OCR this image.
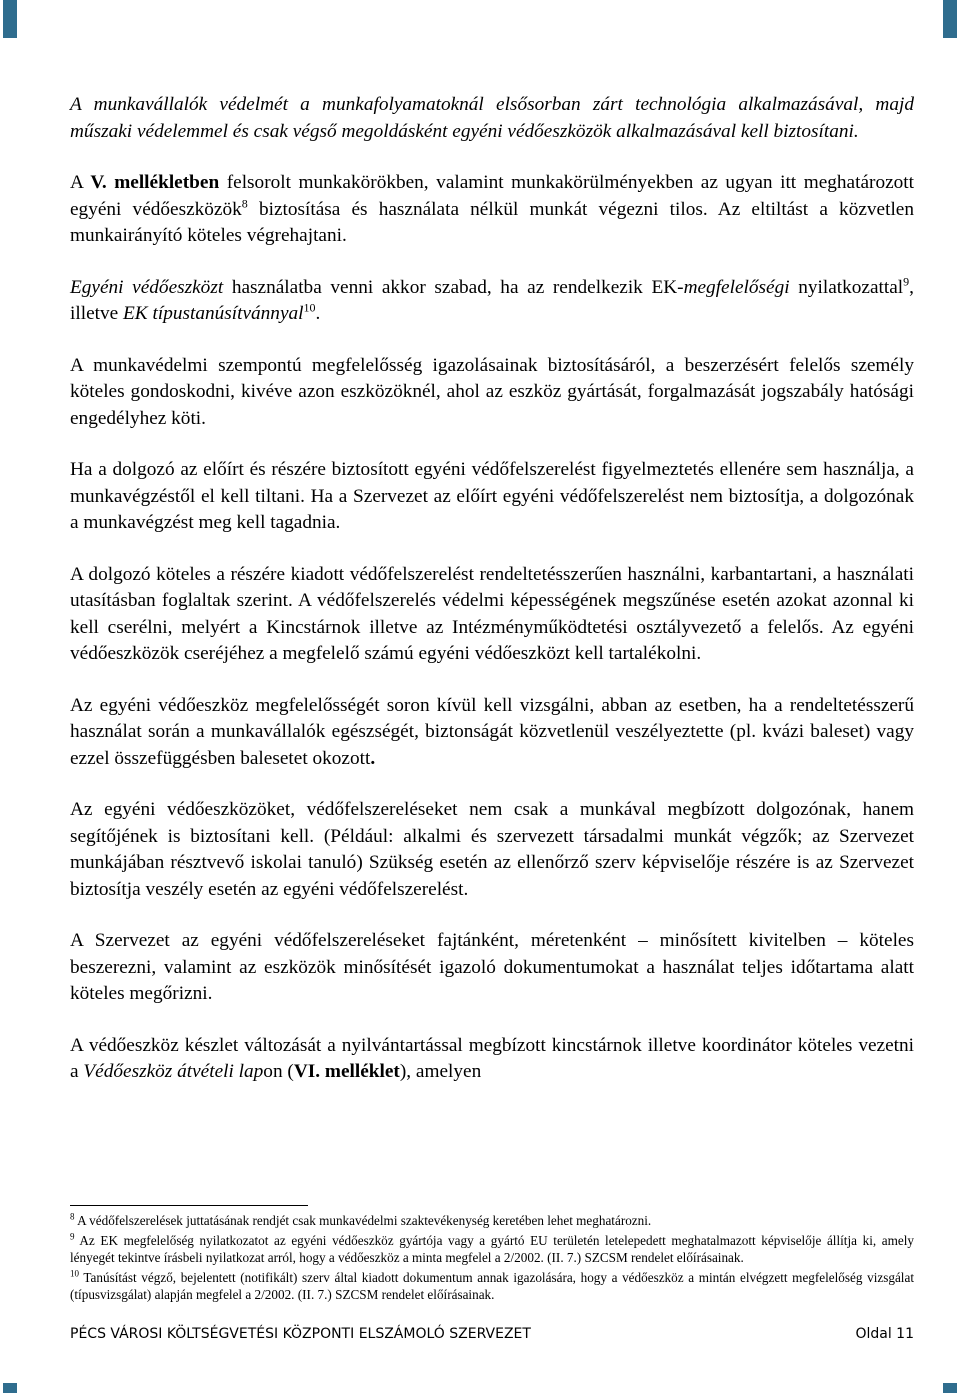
A munkavállalók védelmét a munkafolyamatoknál elsősorban zárt technológia alkalmazásával, majd műszaki védelemmel és csak végső megoldásként egyéni védőeszközök alkalmazásával kell biztosítani.

A V. mellékletben felsorolt munkakörökben, valamint munkakörülményekben az ugyan itt meghatározott egyéni védőeszközök$^8$ biztosítása és használata nélkül munkát végezni tilos. Az eltiltást a közvetlen munkairányító köteles végrehajtani.

Egyéni védőeszközt használatba venni akkor szabad, ha az rendelkezik EK-megfelelőségi nyilatkozattal$^9$, illetve EK típustanúsítvánnyal$^{10}$.

A munkavédelmi szempontú megfelelősség igazolásainak biztosításáról, a beszerzésért felelős személy köteles gondoskodni, kivéve azon eszközöknél, ahol az eszköz gyártását, forgalmazását jogszabály hatósági engedélyhez köti.

Ha a dolgozó az előírt és részére biztosított egyéni védőfelszerelést figyelmeztetés ellenére sem használja, a munkavégzéstől el kell tiltani. Ha a Szervezet az előírt egyéni védőfelszerelést nem biztosítja, a dolgozónak a munkavégzést meg kell tagadnia.

A dolgozó köteles a részére kiadott védőfelszerelést rendeltetésszerűen használni, karbantartani, a használati utasításban foglaltak szerint. A védőfelszerelés védelmi képességének megszűnése esetén azokat azonnal ki kell cserélni, melyért a Kincstárnok illetve az Intézményműködtetési osztályvezető a felelős. Az egyéni védőeszközök cseréjéhez a megfelelő számú egyéni védőeszközt kell tartalékolni.

Az egyéni védőeszköz megfelelősségét soron kívül kell vizsgálni, abban az esetben, ha a rendeltetésszerű használat során a munkavállalók egészségét, biztonságát közvetlenül veszélyeztette (pl. kvázi baleset) vagy ezzel összefüggésben balesetet okozott.

Az egyéni védőeszközöket, védőfelszereléseket nem csak a munkával megbízott dolgozónak, hanem segítőjének is biztosítani kell. (Például: alkalmi és szervezett társadalmi munkát végzők; az Szervezet munkájában résztvevő iskolai tanuló) Szükség esetén az ellenőrző szerv képviselője részére is az Szervezet biztosítja veszély esetén az egyéni védőfelszerelést.

A Szervezet az egyéni védőfelszereléseket fajtánként, méretenként – minősített kivitelben – köteles beszerezni, valamint az eszközök minősítését igazoló dokumentumokat a használat teljes időtartama alatt köteles megőrizni.

A védőeszköz készlet változását a nyilvántartással megbízott kincstárnok illetve koordinátor köteles vezetni a Védőeszköz átvételi lapon (VI. melléklet), amelyen

$^8$ A védőfelszerelések juttatásának rendjét csak munkavédelmi szaktevékenység keretében lehet meghatározni.

$^9$ Az EK megfelelőség nyilatkozatot az egyéni védőeszköz gyártója vagy a gyártó EU területén letelepedett meghatalmazott képviselője állítja ki, amely lényegét tekintve írásbeli nyilatkozat arról, hogy a védőeszköz a minta megfelel a 2/2002. (II. 7.) SZCSM rendelet előírásainak.

$^{10}$ Tanúsítást végző, bejelentett (notifikált) szerv által kiadott dokumentum annak igazolására, hogy a védőeszköz a mintán elvégzett megfelelőség vizsgálat (típusvizsgálat) alapján megfelel a 2/2002. (II. 7.) SZCSM rendelet előírásainak.

PÉCS VÁROSI KÖLTSÉGVETÉSI KÖZPONTI ELSZÁMOLÓ SZERVEZET	Oldal 11
